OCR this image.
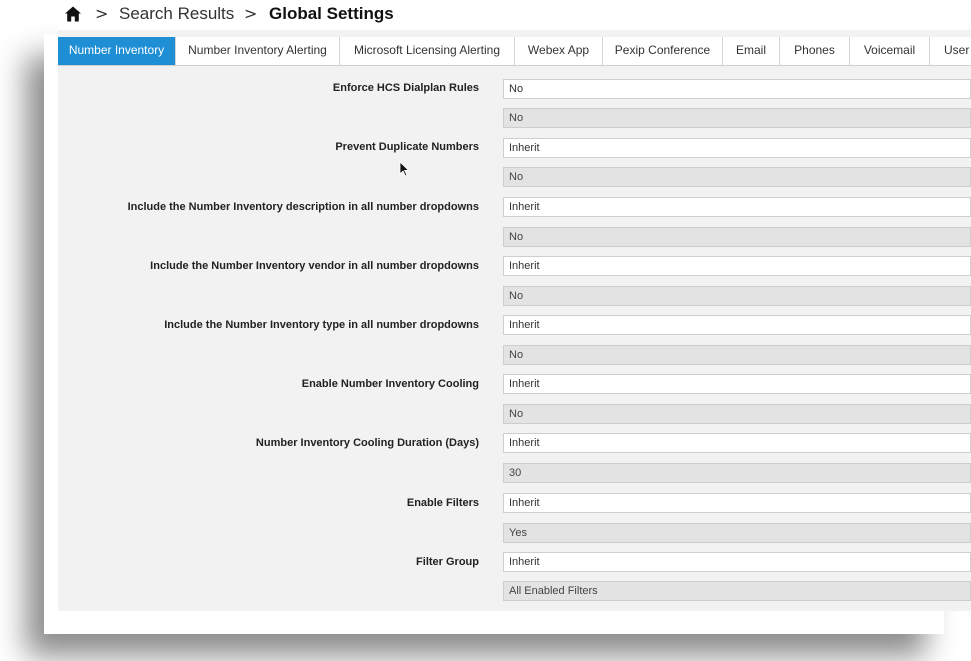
> Search Results > Global Settings
Number Inventory	Number Inventory Alerting	Microsoft Licensing Alerting	Webex App	Pexip Conference	Email	Phones	Voicemail	User
Enforce HCS Dialplan Rules	No
No
Prevent Duplicate Numbers	Inherit
No
Include the Number Inventory description in all number dropdowns	Inherit
No
Include the Number Inventory vendor in all number dropdowns	Inherit
No
Include the Number Inventory type in all number dropdowns	Inherit
No
Enable Number Inventory Cooling	Inherit
No
Number Inventory Cooling Duration (Days)	Inherit
30
Enable Filters	Inherit
Yes
Filter Group	Inherit
All Enabled Filters
